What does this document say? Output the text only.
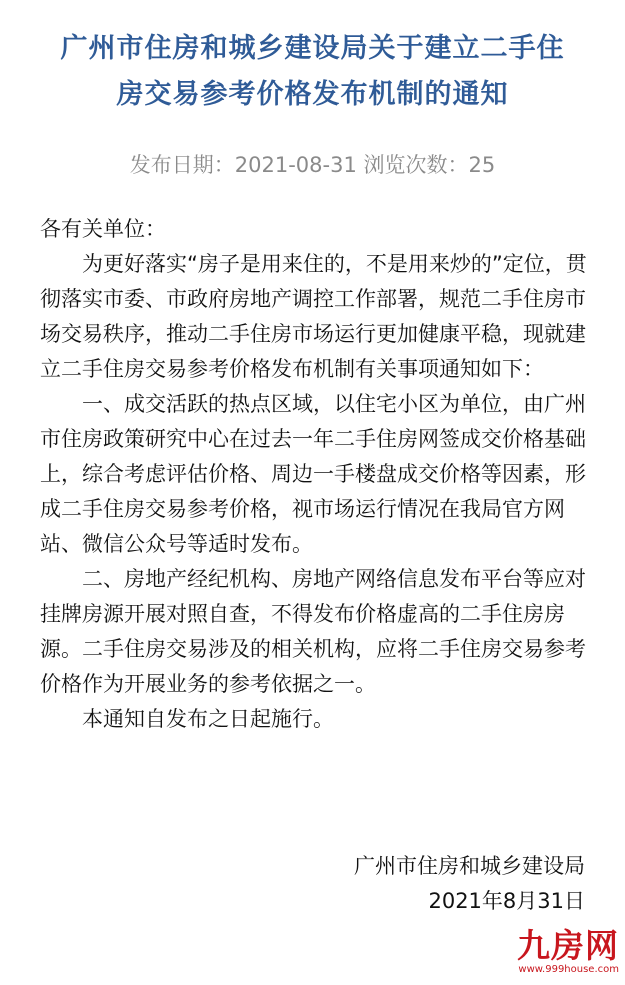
广州市住房和城乡建设局关于建立二手住
房交易参考价格发布机制的通知
发布日期：2021-08-31 浏览次数：25

各有关单位：

为更好落实“房子是用来住的，不是用来炒的”定位，贯彻落实市委、市政府房地产调控工作部署，规范二手住房市场交易秩序，推动二手住房市场运行更加健康平稳，现就建立二手住房交易参考价格发布机制有关事项通知如下：

一、成交活跃的热点区域，以住宅小区为单位，由广州市住房政策研究中心在过去一年二手住房网签成交价格基础上，综合考虑评估价格、周边一手楼盘成交价格等因素，形成二手住房交易参考价格，视市场运行情况在我局官方网站、微信公众号等适时发布。

二、房地产经纪机构、房地产网络信息发布平台等应对挂牌房源开展对照自查，不得发布价格虚高的二手住房房源。二手住房交易涉及的相关机构，应将二手住房交易参考价格作为开展业务的参考依据之一。

本通知自发布之日起施行。

广州市住房和城乡建设局
2021年8月31日
九房网
www.999house.com
